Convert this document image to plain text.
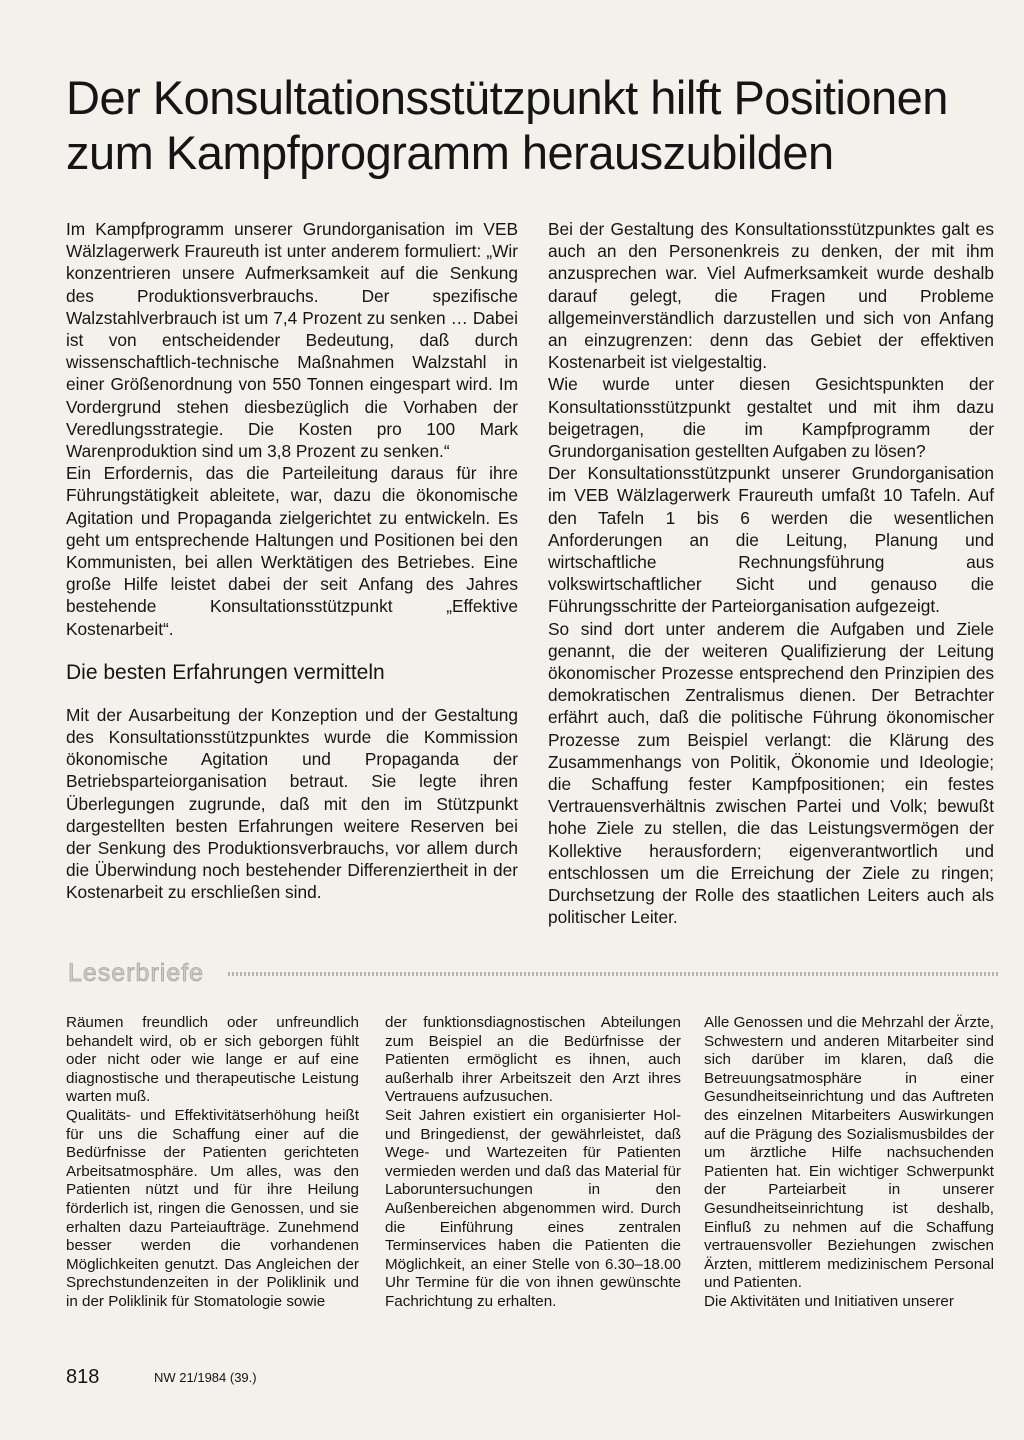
Der Konsultationsstützpunkt hilft Positionen zum Kampfprogramm herauszubilden

Im Kampfprogramm unserer Grundorganisation im VEB Wälzlagerwerk Fraureuth ist unter anderem formuliert: „Wir konzentrieren unsere Aufmerksamkeit auf die Senkung des Produktionsverbrauchs. Der spezifische Walzstahlverbrauch ist um 7,4 Prozent zu senken … Dabei ist von entscheidender Bedeutung, daß durch wissenschaftlich-technische Maßnahmen Walzstahl in einer Größenordnung von 550 Tonnen eingespart wird. Im Vordergrund stehen diesbezüglich die Vorhaben der Veredlungsstrategie. Die Kosten pro 100 Mark Warenproduktion sind um 3,8 Prozent zu senken.“

Ein Erfordernis, das die Parteileitung daraus für ihre Führungstätigkeit ableitete, war, dazu die ökonomische Agitation und Propaganda zielgerichtet zu entwickeln. Es geht um entsprechende Haltungen und Positionen bei den Kommunisten, bei allen Werktätigen des Betriebes. Eine große Hilfe leistet dabei der seit Anfang des Jahres bestehende Konsultationsstützpunkt „Effektive Kostenarbeit“.

Die besten Erfahrungen vermitteln

Mit der Ausarbeitung der Konzeption und der Gestaltung des Konsultationsstützpunktes wurde die Kommission ökonomische Agitation und Propaganda der Betriebsparteiorganisation betraut. Sie legte ihren Überlegungen zugrunde, daß mit den im Stützpunkt dargestellten besten Erfahrungen weitere Reserven bei der Senkung des Produktionsverbrauchs, vor allem durch die Überwindung noch bestehender Differenziertheit in der Kostenarbeit zu erschließen sind.

Bei der Gestaltung des Konsultationsstützpunktes galt es auch an den Personenkreis zu denken, der mit ihm anzusprechen war. Viel Aufmerksamkeit wurde deshalb darauf gelegt, die Fragen und Probleme allgemeinverständlich darzustellen und sich von Anfang an einzugrenzen: denn das Gebiet der effektiven Kostenarbeit ist vielgestaltig.

Wie wurde unter diesen Gesichtspunkten der Konsultationsstützpunkt gestaltet und mit ihm dazu beigetragen, die im Kampfprogramm der Grundorganisation gestellten Aufgaben zu lösen?

Der Konsultationsstützpunkt unserer Grundorganisation im VEB Wälzlagerwerk Fraureuth umfaßt 10 Tafeln. Auf den Tafeln 1 bis 6 werden die wesentlichen Anforderungen an die Leitung, Planung und wirtschaftliche Rechnungsführung aus volkswirtschaftlicher Sicht und genauso die Führungsschritte der Parteiorganisation aufgezeigt.

So sind dort unter anderem die Aufgaben und Ziele genannt, die der weiteren Qualifizierung der Leitung ökonomischer Prozesse entsprechend den Prinzipien des demokratischen Zentralismus dienen. Der Betrachter erfährt auch, daß die politische Führung ökonomischer Prozesse zum Beispiel verlangt: die Klärung des Zusammenhangs von Politik, Ökonomie und Ideologie; die Schaffung fester Kampfpositionen; ein festes Vertrauensverhältnis zwischen Partei und Volk; bewußt hohe Ziele zu stellen, die das Leistungsvermögen der Kollektive herausfordern; eigenverantwortlich und entschlossen um die Erreichung der Ziele zu ringen; Durchsetzung der Rolle des staatlichen Leiters auch als politischer Leiter.

Leserbriefe

Räumen freundlich oder unfreundlich behandelt wird, ob er sich geborgen fühlt oder nicht oder wie lange er auf eine diagnostische und therapeutische Leistung warten muß.

Qualitäts- und Effektivitätserhöhung heißt für uns die Schaffung einer auf die Bedürfnisse der Patienten gerichteten Arbeitsatmosphäre. Um alles, was den Patienten nützt und für ihre Heilung förderlich ist, ringen die Genossen, und sie erhalten dazu Parteiaufträge. Zunehmend besser werden die vorhandenen Möglichkeiten genutzt. Das Angleichen der Sprechstundenzeiten in der Poliklinik und in der Poliklinik für Stomatologie sowie

der funktionsdiagnostischen Abteilungen zum Beispiel an die Bedürfnisse der Patienten ermöglicht es ihnen, auch außerhalb ihrer Arbeitszeit den Arzt ihres Vertrauens aufzusuchen.

Seit Jahren existiert ein organisierter Hol- und Bringedienst, der gewährleistet, daß Wege- und Wartezeiten für Patienten vermieden werden und daß das Material für Laboruntersuchungen in den Außenbereichen abgenommen wird. Durch die Einführung eines zentralen Terminservices haben die Patienten die Möglichkeit, an einer Stelle von 6.30–18.00 Uhr Termine für die von ihnen gewünschte Fachrichtung zu erhalten.

Alle Genossen und die Mehrzahl der Ärzte, Schwestern und anderen Mitarbeiter sind sich darüber im klaren, daß die Betreuungsatmosphäre in einer Gesundheitseinrichtung und das Auftreten des einzelnen Mitarbeiters Auswirkungen auf die Prägung des Sozialismusbildes der um ärztliche Hilfe nachsuchenden Patienten hat. Ein wichtiger Schwerpunkt der Parteiarbeit in unserer Gesundheitseinrichtung ist deshalb, Einfluß zu nehmen auf die Schaffung vertrauensvoller Beziehungen zwischen Ärzten, mittlerem medizinischem Personal und Patienten.

Die Aktivitäten und Initiativen unserer

818	NW 21/1984 (39.)
